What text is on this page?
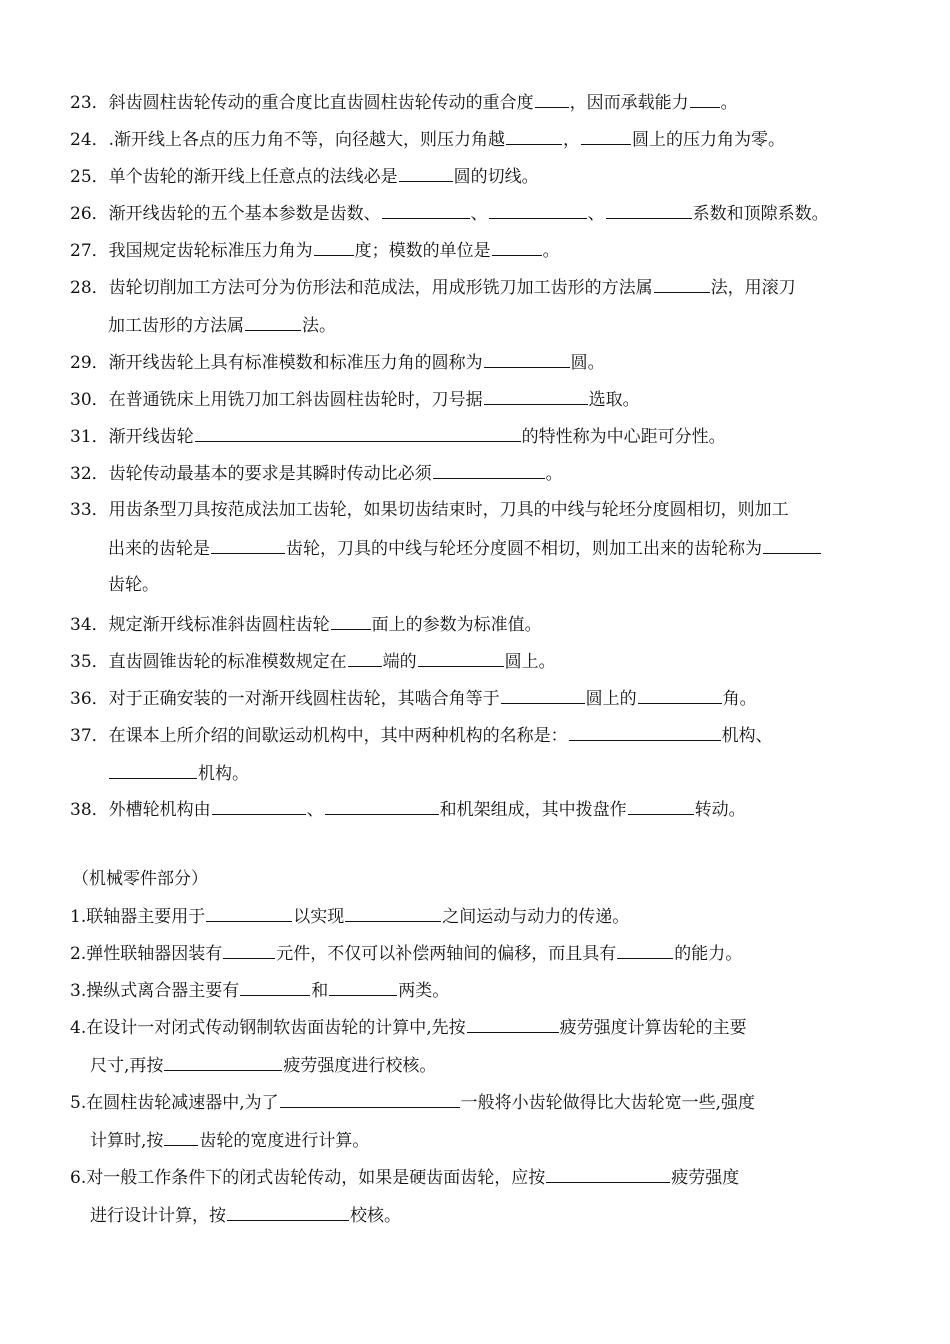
23．斜齿圆柱齿轮传动的重合度比直齿圆柱齿轮传动的重合度 ，因而承载能力 。
24．.渐开线上各点的压力角不等，向径越大，则压力角越	，	圆上的压力角为零。
25．单个齿轮的渐开线上任意点的法线必是	圆的切线。
26．渐开线齿轮的五个基本参数是齿数、	、	、	系数和顶隙系数。
27．我国规定齿轮标准压力角为 度；模数的单位是	。
28．齿轮切削加工方法可分为仿形法和范成法，用成形铣刀加工齿形的方法属	法，用滚刀
加工齿形的方法属	法。
29．渐开线齿轮上具有标准模数和标准压力角的圆称为	圆。
30．在普通铣床上用铣刀加工斜齿圆柱齿轮时，刀号据	选取。
31．渐开线齿轮	的特性称为中心距可分性。
32．齿轮传动最基本的要求是其瞬时传动比必须	。
33．用齿条型刀具按范成法加工齿轮，如果切齿结束时，刀具的中线与轮坯分度圆相切，则加工
出来的齿轮是	齿轮，刀具的中线与轮坯分度圆不相切，则加工出来的齿轮称为
齿轮。
34．规定渐开线标准斜齿圆柱齿轮 面上的参数为标准值。
35．直齿圆锥齿轮的标准模数规定在 端的	圆上。
36．对于正确安装的一对渐开线圆柱齿轮，其啮合角等于	圆上的	角。
37．在课本上所介绍的间歇运动机构中，其中两种机构的名称是：	机构、
机构。
38．外槽轮机构由	、	和机架组成，其中拨盘作	转动。
（机械零件部分）
1.联轴器主要用于	以实现	之间运动与动力的传递。
2.弹性联轴器因装有	元件，不仅可以补偿两轴间的偏移，而且具有	的能力。
3.操纵式离合器主要有	和	两类。
4.在设计一对闭式传动钢制软齿面齿轮的计算中,先按	疲劳强度计算齿轮的主要
尺寸,再按	疲劳强度进行校核。
5.在圆柱齿轮减速器中,为了	一般将小齿轮做得比大齿轮宽一些,强度
计算时,按 齿轮的宽度进行计算。
6.对一般工作条件下的闭式齿轮传动，如果是硬齿面齿轮，应按	疲劳强度
进行设计计算，按	校核。
